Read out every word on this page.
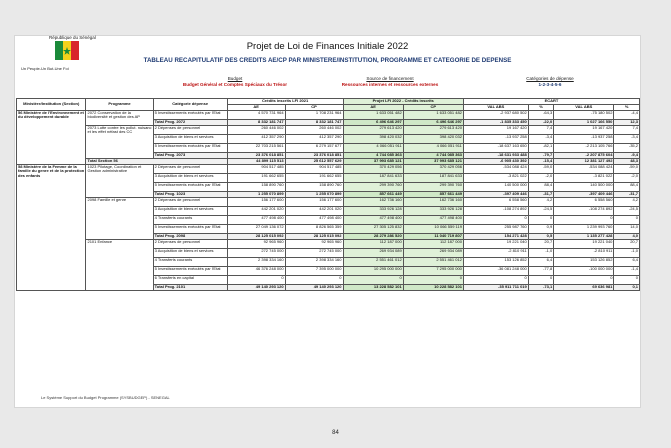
République du Sénégal
Un Peuple-Un But-Une Foi
Projet de Loi de Finances Initiale 2022
TABLEAU RECAPITULATIF DES CREDITS AE/CP PAR MINISTERE/INSTITUTION, PROGRAMME ET CATEGORIE DE DEPENSE
Budget
Budget Général et Comptes Spéciaux du Trésor
Source de financement
Ressources internes et ressources externes
Catégories de dépense
1-2-3-4-5-6
Ministère/Institution (Section)	Programme	Catégorie dépense	Crédits inscrits LFI 2021		Projet LFI 2022 - Crédits inscrits		ECART			
			AE	CP	AE	CP	VAL ABS	%	VAL ABS	%
56 Ministère de l'Environnement et du développement durable	2072 Conservation de la biodiversité et gestion des AP	5 Investissements exécutés par l'Etat	4 570 731 964	1 708 231 964	1 633 051 482	1 633 051 482	-2 937 680 502	-64,3	-75 180 502	-4,4
		Total Prog. 2072	8 332 181 747	8 332 181 747	6 496 646 297	6 496 646 297	-1 835 333 450	-22,0	1 027 166 550	12,3
	2073 Lutte contre les pollut. nuisanc et les effet néfast des CC	2 Dépenses de personnel	260 446 002	260 446 002	279 613 420	279 613 420	19 167 420	7,4	19 167 420	7,4
		3 Acquisition de biens et services	412 357 290	412 357 290	398 420 032	398 420 032	-13 937 258	-3,4	-13 937 258	-3,4
		5 Investissements exécutés par l'Etat	22 703 215 561	6 279 157 677	4 066 051 911	4 066 051 911	-18 637 163 650	-82,1	-2 213 105 766	-35,2
		Total Prog. 2073	23 376 018 851	23 376 018 851	4 744 085 363	4 744 085 363	-18 631 933 488	-79,7	-2 207 875 604	-9,4
	Total Section 56		44 899 115 513	25 612 557 629	37 993 685 121	37 993 685 121	-6 905 430 392	-15,4	12 381 127 492	48,3
58 Ministère de la Femme de la famille du genre et de la protection des enfants	1023 Pilotage, Coordination et Gestion administrative	2 Dépenses de personnel	904 517 485	904 517 485	370 429 056	370 429 056	-534 088 424	-59,0	-534 088 424	-59,0
		3 Acquisition de biens et services	191 662 655	191 662 655	187 841 633	187 841 633	-3 821 022	-2,0	-3 821 022	-2,0
		5 Investissements exécutés par l'Etat	158 890 760	158 890 760	299 390 760	299 390 760	140 500 000	88,4	140 500 000	88,4
		Total Prog. 1023	1 255 070 899	1 255 070 899	857 661 449	857 661 449	-397 409 446	-31,7	-397 409 446	-31,7
	2098 Famille et genre	2 Dépenses de personnel	156 177 600	156 177 600	162 736 160	162 736 160	6 558 560	4,2	6 558 560	4,2
		3 Acquisition de biens et services	442 201 020	442 201 020	333 926 128	333 926 128	-108 274 892	-24,5	-108 274 892	-24,5
		4 Transferts courants	477 498 400	477 498 400	477 498 400	477 498 400	0	0	0	0
		5 Investissements exécutés par l'Etat	27 049 136 072	8 826 565 359	27 305 125 832	10 066 559 119	255 987 760	0,9	1 239 993 760	14,0
		Total Prog. 2098	28 125 015 092	28 125 015 092	28 279 286 520	11 040 719 807	154 271 428	0,5	1 135 277 428	4,0
	2101 Enfance	2 Dépenses de personnel	92 965 960	92 965 960	112 187 000	112 187 000	19 221 040	20,7	19 221 040	20,7
		3 Acquisition de biens et services	272 745 000	272 745 000	269 934 089	269 934 089	-2 810 911	-1,0	-2 810 911	-1,0
		4 Transferts courants	2 398 334 160	2 398 334 160	2 551 461 012	2 551 461 012	153 126 852	6,4	153 126 852	6,4
		5 Investissements exécutés par l'Etat	46 376 248 000	7 395 000 000	10 295 000 000	7 295 000 000	-36 081 248 000	-77,8	-100 000 000	-1,4
		6 Transferts en capital	0	0	0	0	0	0	0	0
		Total Prog. 2101	49 140 293 120	49 140 293 120	13 228 582 101	10 228 582 101	-35 911 711 019	-73,1	69 636 981	0,1
Le Système Support du Budget Programme (SYSBUDGEP) - SENEGAL
84
